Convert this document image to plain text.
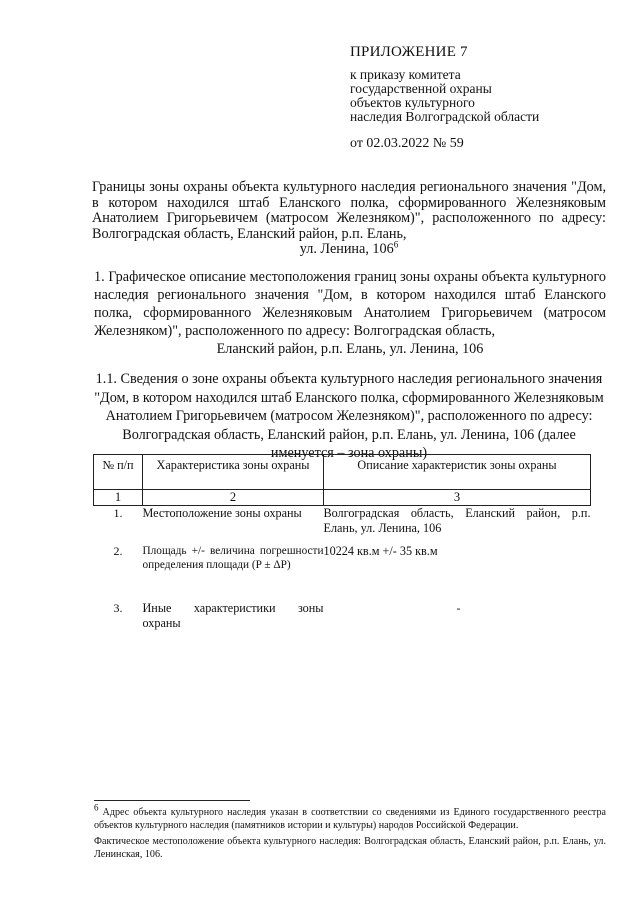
ПРИЛОЖЕНИЕ 7
к приказу комитета
государственной охраны
объектов культурного
наследия Волгоградской области
от 02.03.2022 № 59
Границы зоны охраны объекта культурного наследия регионального значения "Дом, в котором находился штаб Еланского полка, сформированного Железняковым Анатолием Григорьевичем (матросом Железняком)", расположенного по адресу: Волгоградская область, Еланский район, р.п. Елань,
ул. Ленина, $106^6$
1. Графическое описание местоположения границ зоны охраны объекта культурного наследия регионального значения "Дом, в котором находился штаб Еланского полка, сформированного Железняковым Анатолием Григорьевичем (матросом Железняком)", расположенного по адресу: Волгоградская область,
Еланский район, р.п. Елань, ул. Ленина, 106
1.1. Сведения о зоне охраны объекта культурного наследия регионального значения "Дом, в котором находился штаб Еланского полка, сформированного Железняковым Анатолием Григорьевичем (матросом Железняком)", расположенного по адресу: Волгоградская область, Еланский район, р.п. Елань, ул. Ленина, 106 (далее именуется – зона охраны)
№ п/п	Характеристика зоны охраны	Описание характеристик зоны охраны
1	2	3
1.	Местоположение зоны охраны	Волгоградская область, Еланский район, р.п. Елань, ул. Ленина, 106
2.	Площадь +/- величина погрешности определения площади (P ± ΔP)	10224 кв.м +/- 35 кв.м
3.	Иные характеристики зоны охраны	-

$^6$ Адрес объекта культурного наследия указан в соответствии со сведениями из Единого государственного реестра объектов культурного наследия (памятников истории и культуры) народов Российской Федерации.

Фактическое местоположение объекта культурного наследия: Волгоградская область, Еланский район, р.п. Елань, ул. Ленинская, 106.
